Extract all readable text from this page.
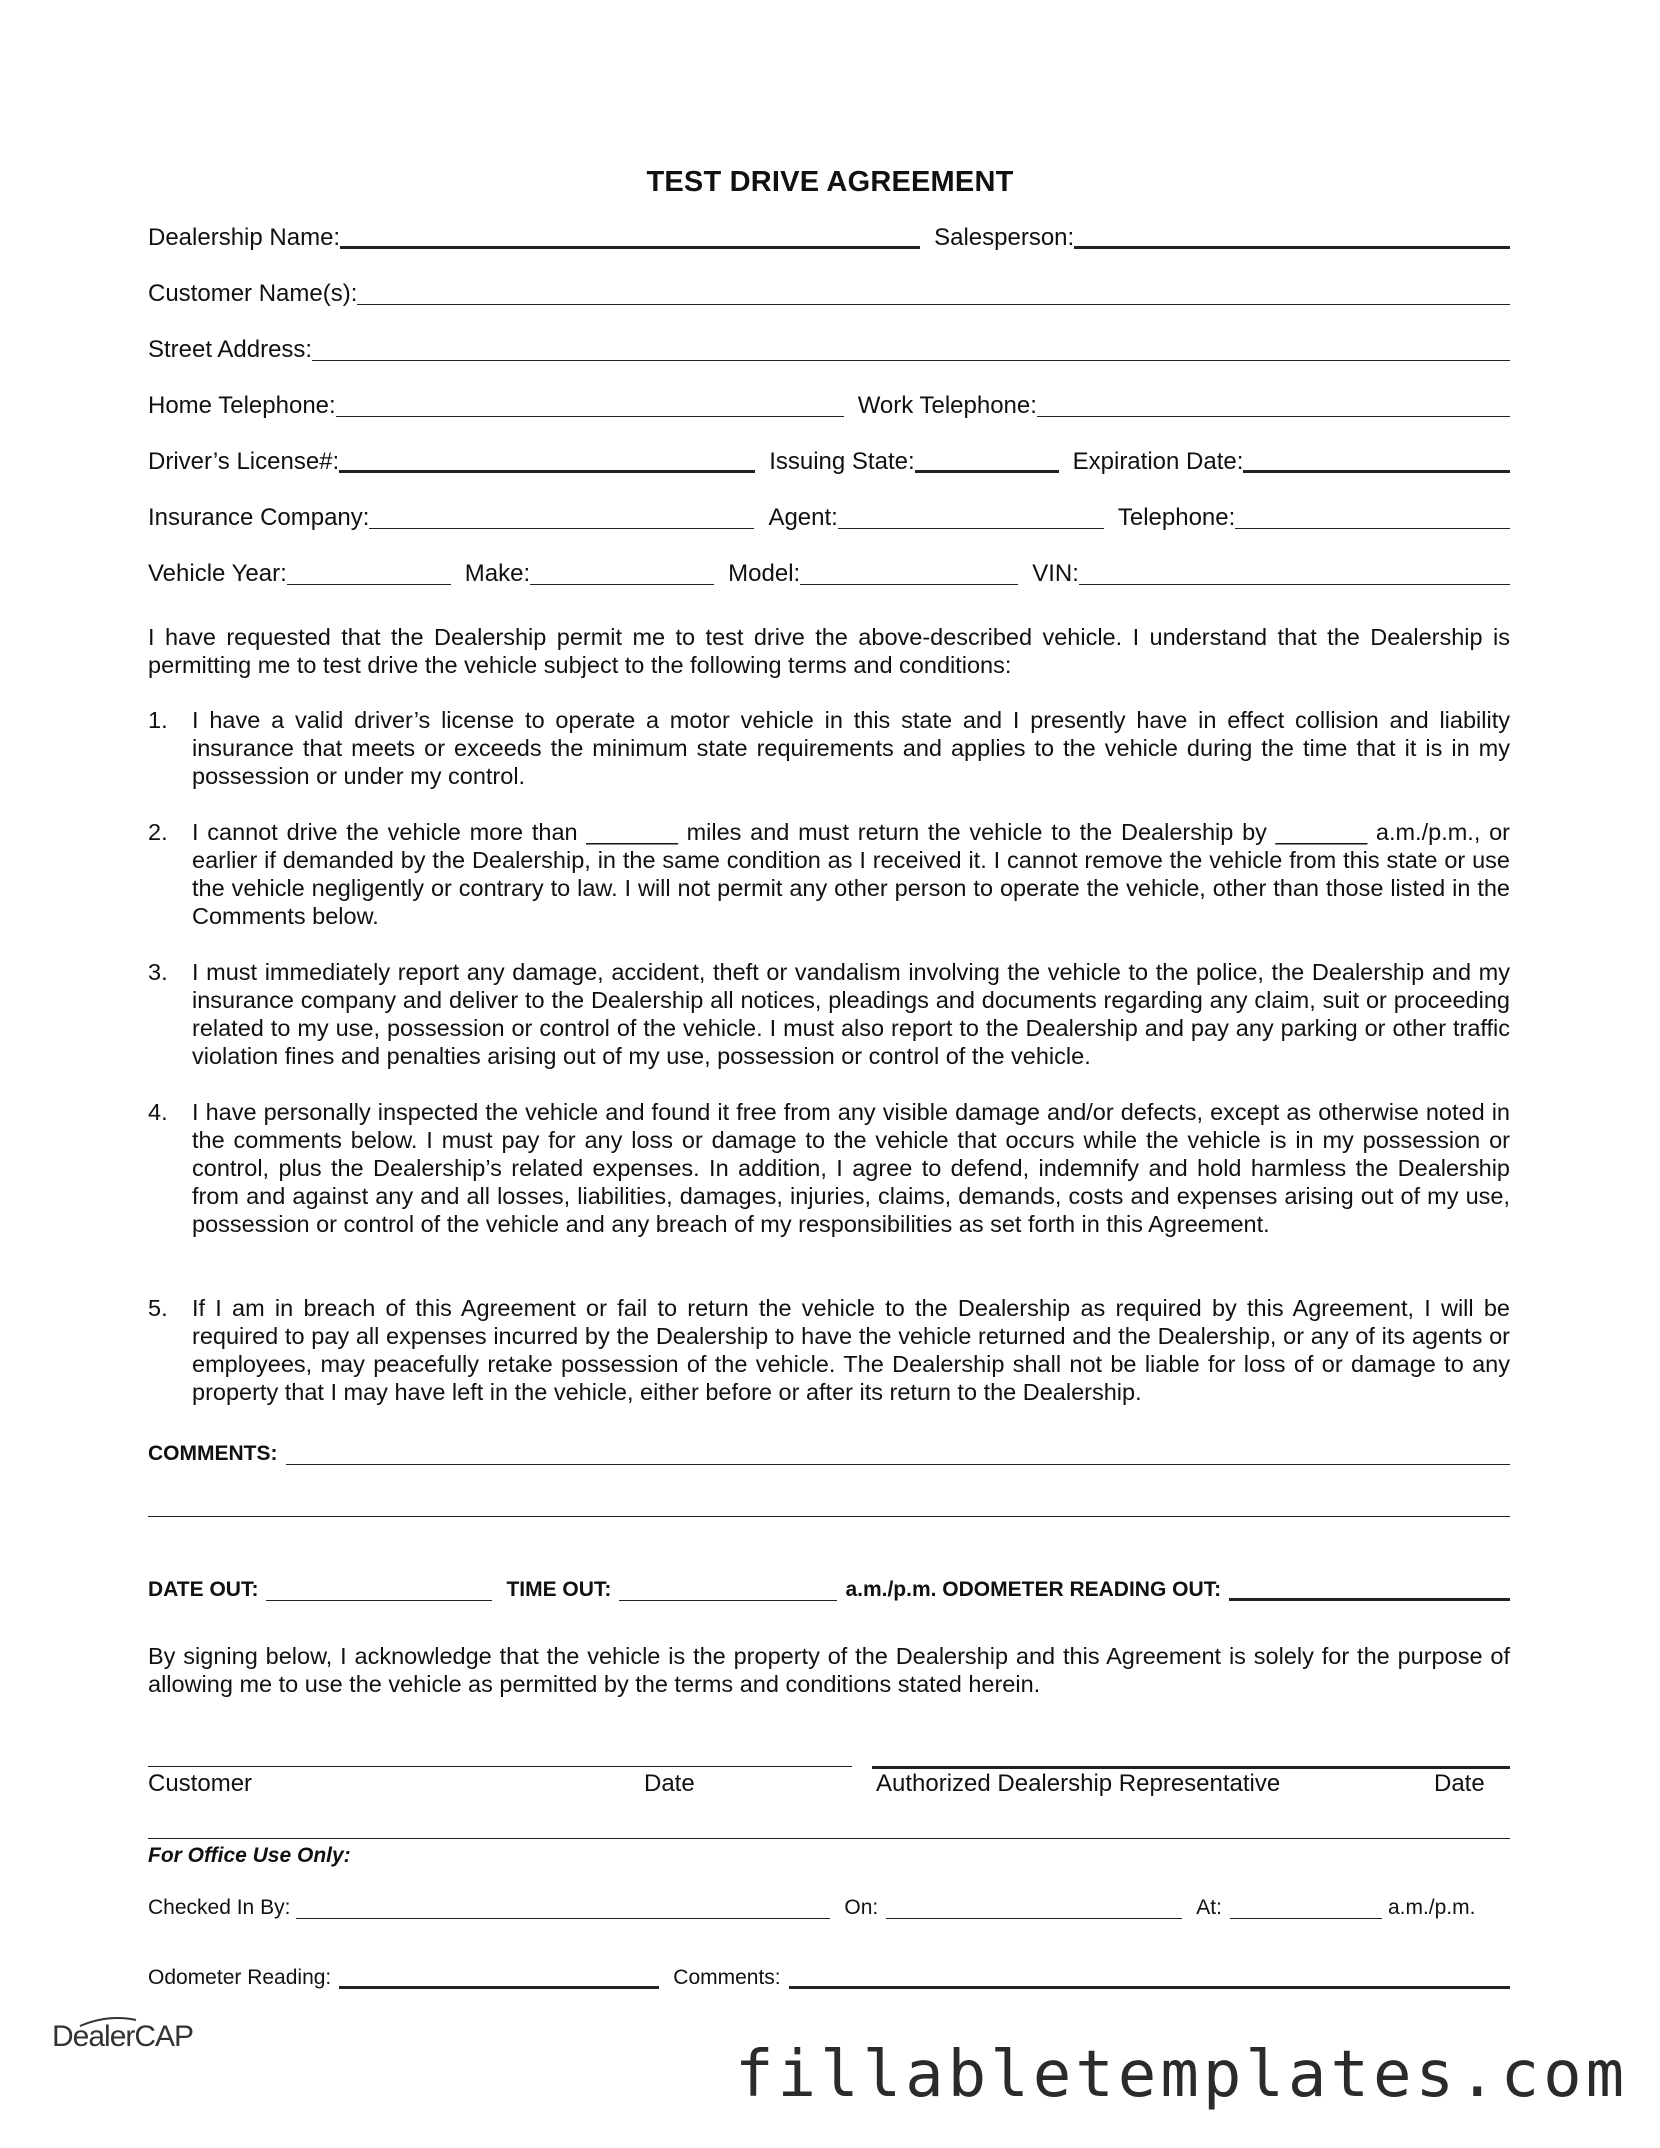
TEST DRIVE AGREEMENT
Dealership Name:	Salesperson:
Customer Name(s):
Street Address:
Home Telephone:	Work Telephone:
Driver’s License#:	Issuing State:	Expiration Date:
Insurance Company:	Agent:	Telephone:
Vehicle Year:	Make:	Model:	VIN:
I have requested that the Dealership permit me to test drive the above-described vehicle. I understand that the Dealership is permitting me to test drive the vehicle subject to the following terms and conditions:
1.	I have a valid driver’s license to operate a motor vehicle in this state and I presently have in effect collision and liability insurance that meets or exceeds the minimum state requirements and applies to the vehicle during the time that it is in my possession or under my control.
2.	I cannot drive the vehicle more than _______ miles and must return the vehicle to the Dealership by _______ a.m./p.m., or earlier if demanded by the Dealership, in the same condition as I received it. I cannot remove the vehicle from this state or use the vehicle negligently or contrary to law. I will not permit any other person to operate the vehicle, other than those listed in the Comments below.
3.	I must immediately report any damage, accident, theft or vandalism involving the vehicle to the police, the Dealership and my insurance company and deliver to the Dealership all notices, pleadings and documents regarding any claim, suit or proceeding related to my use, possession or control of the vehicle. I must also report to the Dealership and pay any parking or other traffic violation fines and penalties arising out of my use, possession or control of the vehicle.
4.	I have personally inspected the vehicle and found it free from any visible damage and/or defects, except as otherwise noted in the comments below. I must pay for any loss or damage to the vehicle that occurs while the vehicle is in my possession or control, plus the Dealership’s related expenses. In addition, I agree to defend, indemnify and hold harmless the Dealership from and against any and all losses, liabilities, damages, injuries, claims, demands, costs and expenses arising out of my use, possession or control of the vehicle and any breach of my responsibilities as set forth in this Agreement.
5.	If I am in breach of this Agreement or fail to return the vehicle to the Dealership as required by this Agreement, I will be required to pay all expenses incurred by the Dealership to have the vehicle returned and the Dealership, or any of its agents or employees, may peacefully retake possession of the vehicle. The Dealership shall not be liable for loss of or damage to any property that I may have left in the vehicle, either before or after its return to the Dealership.
COMMENTS:
DATE OUT:	TIME OUT:	a.m./p.m. ODOMETER READING OUT:
By signing below, I acknowledge that the vehicle is the property of the Dealership and this Agreement is solely for the purpose of allowing me to use the vehicle as permitted by the terms and conditions stated herein.
Customer	Date	Authorized Dealership Representative	Date
For Office Use Only:
Checked In By:	On:	At:	a.m./p.m.
Odometer Reading:	Comments:
DealerCAP
fillabletemplates.com
